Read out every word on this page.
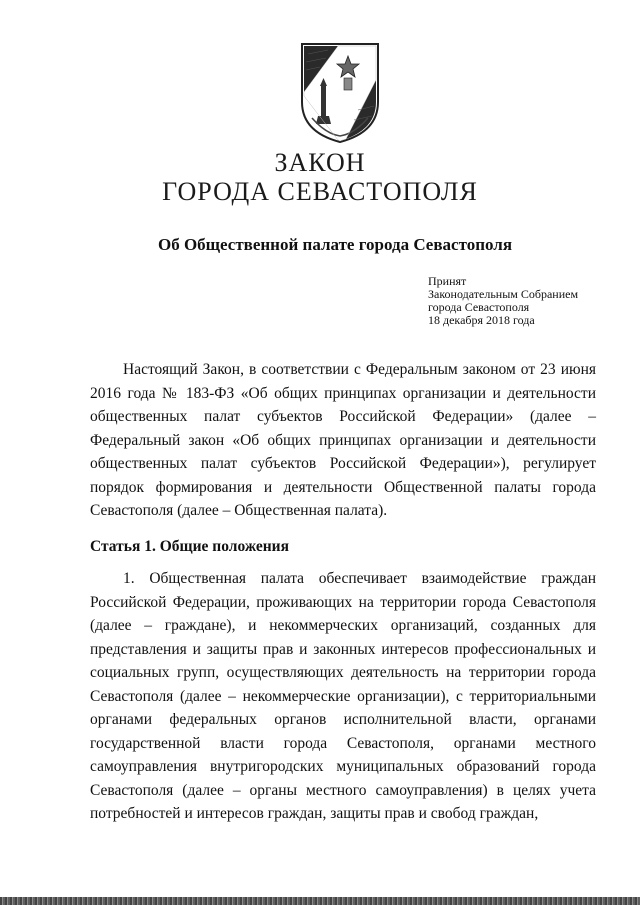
ЗАКОН
ГОРОДА СЕВАСТОПОЛЯ
Об Общественной палате города Севастополя
Принят
Законодательным Собранием
города Севастополя
18 декабря 2018 года
Настоящий Закон, в соответствии с Федеральным законом от 23 июня 2016 года № 183-ФЗ «Об общих принципах организации и деятельности общественных палат субъектов Российской Федерации» (далее – Федеральный закон «Об общих принципах организации и деятельности общественных палат субъектов Российской Федерации»), регулирует порядок формирования и деятельности Общественной палаты города Севастополя (далее – Общественная палата).
Статья 1. Общие положения
1. Общественная палата обеспечивает взаимодействие граждан Российской Федерации, проживающих на территории города Севастополя (далее – граждане), и некоммерческих организаций, созданных для представления и защиты прав и законных интересов профессиональных и социальных групп, осуществляющих деятельность на территории города Севастополя (далее – некоммерческие организации), с территориальными органами федеральных органов исполнительной власти, органами государственной власти города Севастополя, органами местного самоуправления внутригородских муниципальных образований города Севастополя (далее – органы местного самоуправления) в целях учета потребностей и интересов граждан, защиты прав и свобод граждан,
